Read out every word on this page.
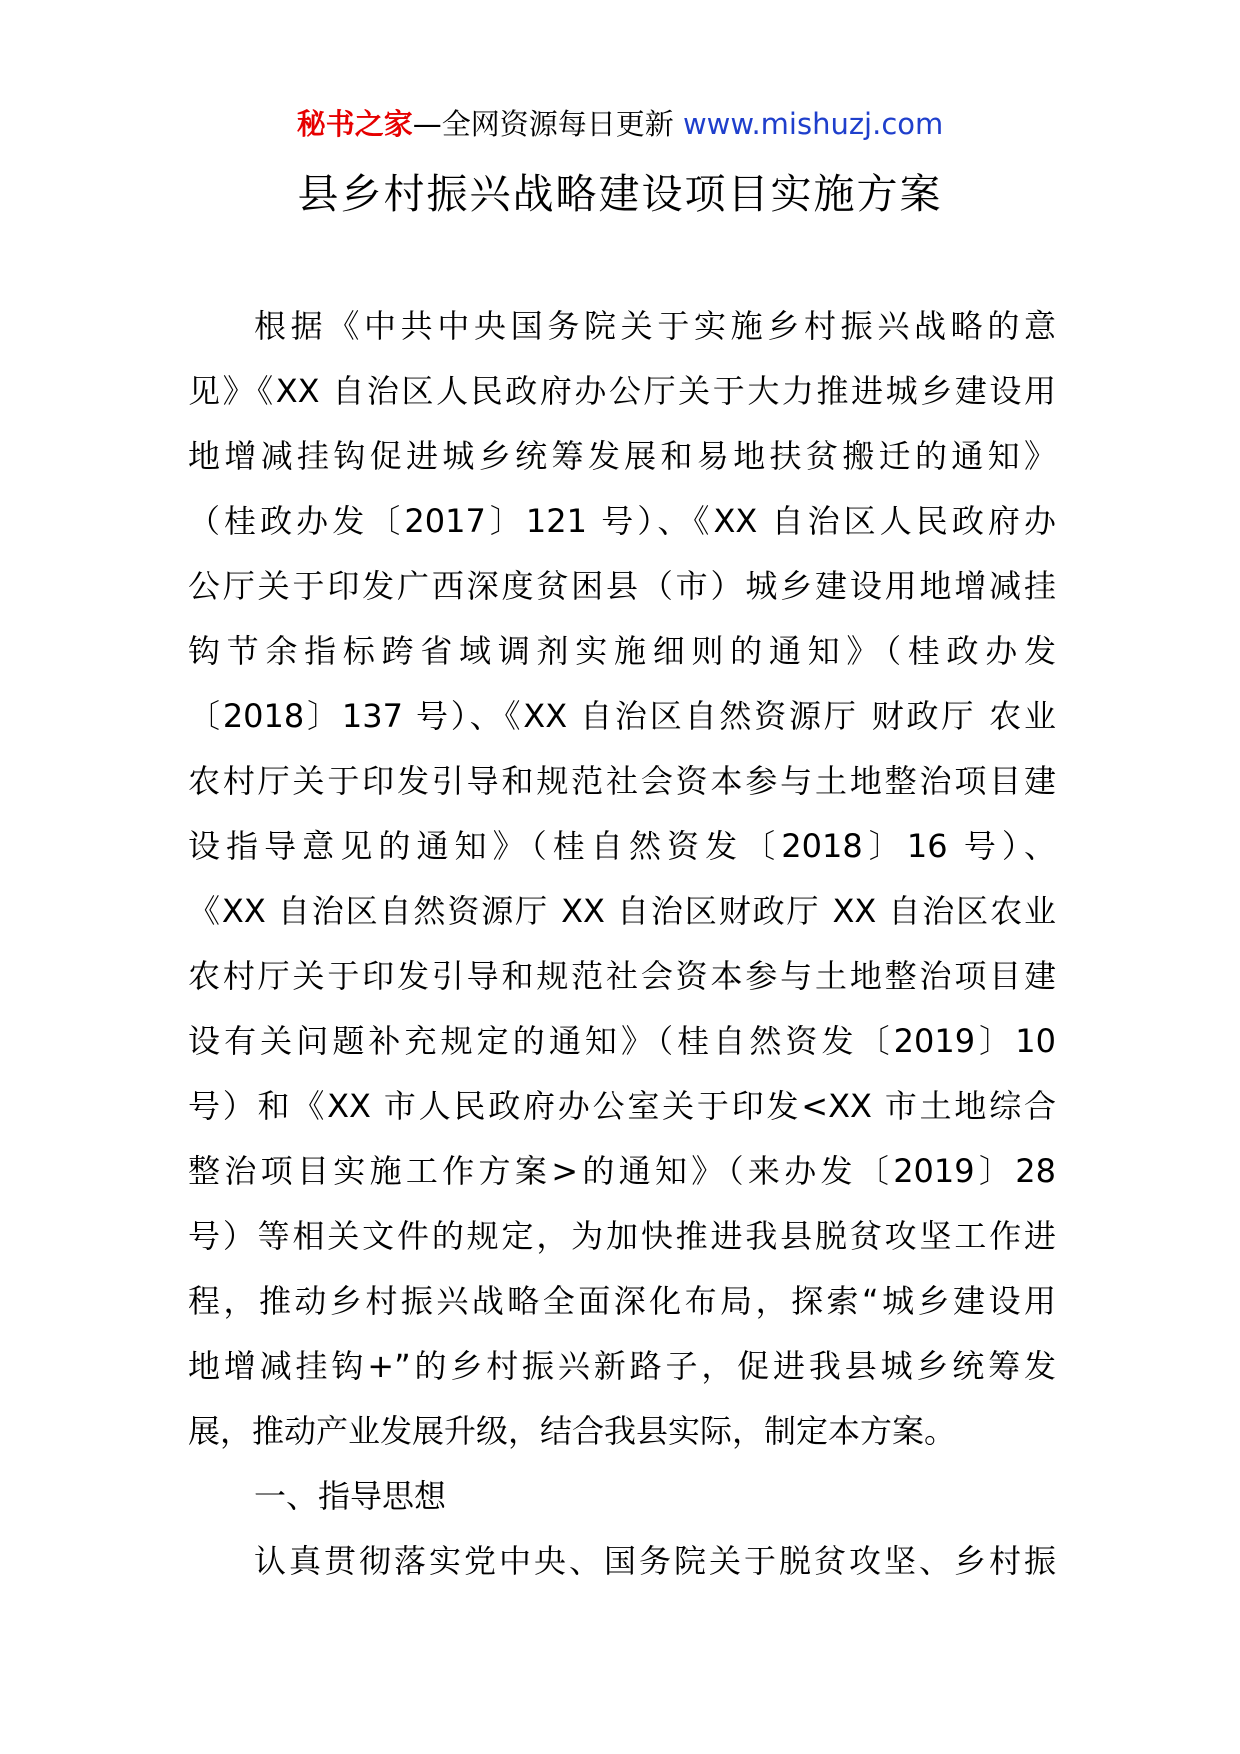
秘书之家—全网资源每日更新 www.mishuzj.com
县乡村振兴战略建设项目实施方案
根据《中共中央国务院关于实施乡村振兴战略的意
见》《XX 自治区人民政府办公厅关于大力推进城乡建设用
地增减挂钩促进城乡统筹发展和易地扶贫搬迁的通知》
（桂政办发〔2017〕121 号）、《XX 自治区人民政府办
公厅关于印发广西深度贫困县（市）城乡建设用地增减挂
钩节余指标跨省域调剂实施细则的通知》（桂政办发
〔2018〕137 号）、《XX 自治区自然资源厅 财政厅 农业
农村厅关于印发引导和规范社会资本参与土地整治项目建
设指导意见的通知》（桂自然资发〔2018〕16 号）、
《XX 自治区自然资源厅 XX 自治区财政厅 XX 自治区农业
农村厅关于印发引导和规范社会资本参与土地整治项目建
设有关问题补充规定的通知》（桂自然资发〔2019〕10
号）和《XX 市人民政府办公室关于印发<XX 市土地综合
整治项目实施工作方案>的通知》（来办发〔2019〕28
号）等相关文件的规定，为加快推进我县脱贫攻坚工作进
程，推动乡村振兴战略全面深化布局，探索“城乡建设用
地增减挂钩+”的乡村振兴新路子，促进我县城乡统筹发
展，推动产业发展升级，结合我县实际，制定本方案。
一、指导思想
认真贯彻落实党中央、国务院关于脱贫攻坚、乡村振
